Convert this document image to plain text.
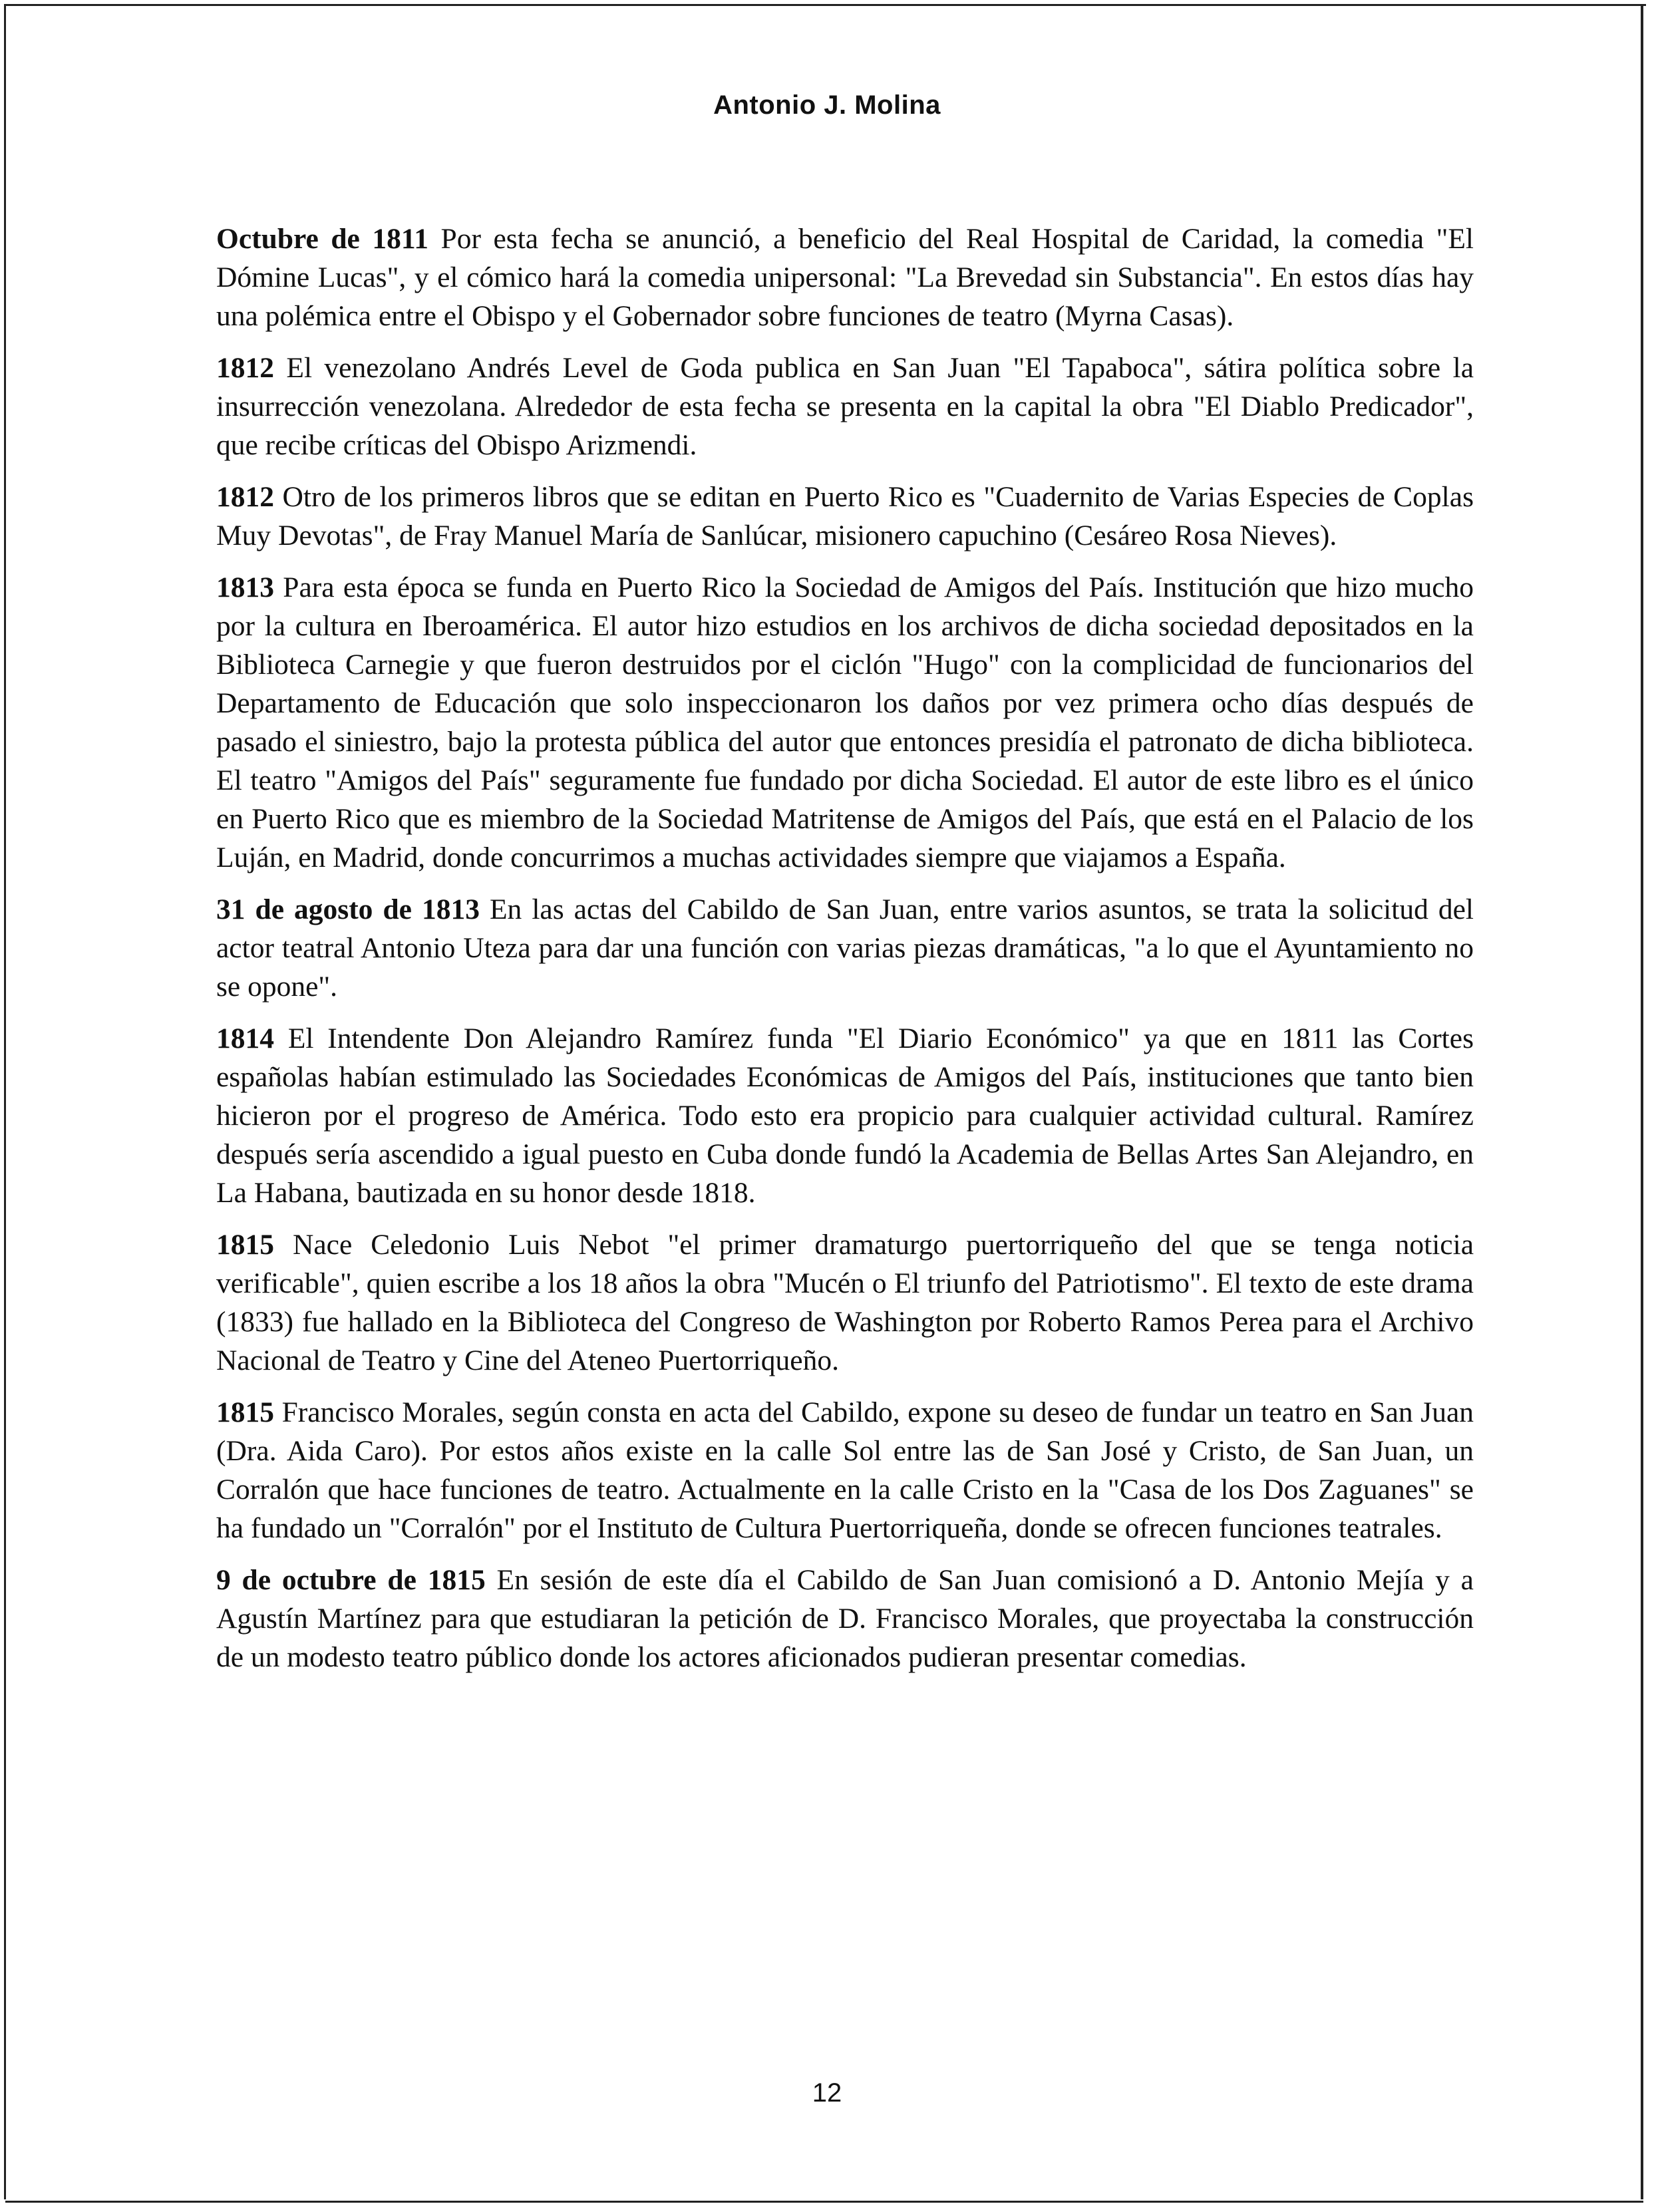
Antonio J. Molina

Octubre de 1811 Por esta fecha se anunció, a beneficio del Real Hospital de Caridad, la comedia "El Dómine Lucas", y el cómico hará la comedia unipersonal: "La Brevedad sin Substancia". En estos días hay una polémica entre el Obispo y el Gobernador sobre funciones de teatro (Myrna Casas).

1812 El venezolano Andrés Level de Goda publica en San Juan "El Tapaboca", sátira política sobre la insurrección venezolana. Alrededor de esta fecha se presenta en la capital la obra "El Diablo Predicador", que recibe críticas del Obispo Arizmendi.

1812 Otro de los primeros libros que se editan en Puerto Rico es "Cuadernito de Varias Especies de Coplas Muy Devotas", de Fray Manuel María de Sanlúcar, misionero capuchino (Cesáreo Rosa Nieves).

1813 Para esta época se funda en Puerto Rico la Sociedad de Amigos del País. Institución que hizo mucho por la cultura en Iberoamérica. El autor hizo estudios en los archivos de dicha sociedad depositados en la Biblioteca Carnegie y que fueron destruidos por el ciclón "Hugo" con la complicidad de funcionarios del Departamento de Educación que solo inspeccionaron los daños por vez primera ocho días después de pasado el siniestro, bajo la protesta pública del autor que entonces presidía el patronato de dicha biblioteca. El teatro "Amigos del País" seguramente fue fundado por dicha Sociedad. El autor de este libro es el único en Puerto Rico que es miembro de la Sociedad Matritense de Amigos del País, que está en el Palacio de los Luján, en Madrid, donde concurrimos a muchas actividades siempre que viajamos a España.

31 de agosto de 1813 En las actas del Cabildo de San Juan, entre varios asuntos, se trata la solicitud del actor teatral Antonio Uteza para dar una función con varias piezas dramáticas, "a lo que el Ayuntamiento no se opone".

1814 El Intendente Don Alejandro Ramírez funda "El Diario Económico" ya que en 1811 las Cortes españolas habían estimulado las Sociedades Económicas de Amigos del País, instituciones que tanto bien hicieron por el progreso de América. Todo esto era propicio para cualquier actividad cultural. Ramírez después sería ascendido a igual puesto en Cuba donde fundó la Academia de Bellas Artes San Alejandro, en La Habana, bautizada en su honor desde 1818.

1815 Nace Celedonio Luis Nebot "el primer dramaturgo puertorriqueño del que se tenga noticia verificable", quien escribe a los 18 años la obra "Mucén o El triunfo del Patriotismo". El texto de este drama (1833) fue hallado en la Biblioteca del Congreso de Washington por Roberto Ramos Perea para el Archivo Nacional de Teatro y Cine del Ateneo Puertorriqueño.

1815 Francisco Morales, según consta en acta del Cabildo, expone su deseo de fundar un teatro en San Juan (Dra. Aida Caro). Por estos años existe en la calle Sol entre las de San José y Cristo, de San Juan, un Corralón que hace funciones de teatro. Actualmente en la calle Cristo en la "Casa de los Dos Zaguanes" se ha fundado un "Corralón" por el Instituto de Cultura Puertorriqueña, donde se ofrecen funciones teatrales.

9 de octubre de 1815 En sesión de este día el Cabildo de San Juan comisionó a D. Antonio Mejía y a Agustín Martínez para que estudiaran la petición de D. Francisco Morales, que proyectaba la construcción de un modesto teatro público donde los actores aficionados pudieran presentar comedias.

12
